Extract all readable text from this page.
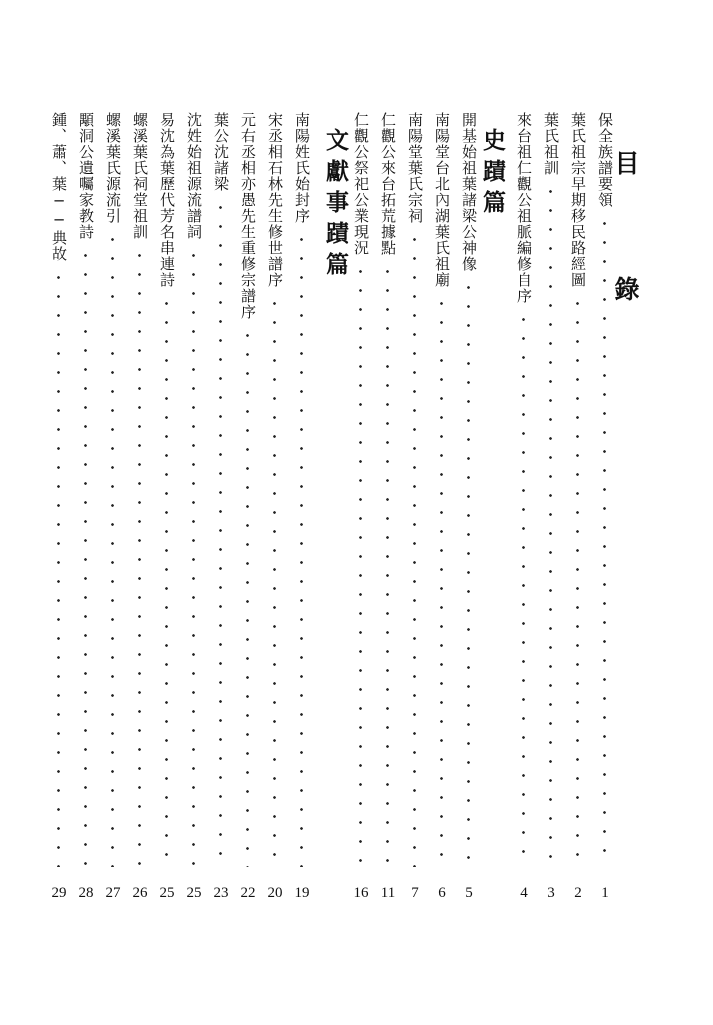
目 錄
保全族譜要領
1
葉氏祖宗早期移民路經圖
2
葉氏祖訓
3
來台祖仁觀公祖脈編修自序
4
史蹟篇
開基始祖葉諸梁公神像
5
南陽堂台北內湖葉氏祖廟
6
南陽堂葉氏宗祠
7
仁觀公來台拓荒據點
11
仁觀公祭祀公業現況
16
文獻事蹟篇
南陽姓氏始封序
19
宋丞相石林先生修世譜序
20
元右丞相亦愚先生重修宗譜序
22
葉公沈諸梁
23
沈姓始祖源流譜詞
25
易沈為葉歷代芳名串連詩
25
螺溪葉氏祠堂祖訓
26
螺溪葉氏源流引
27
顒洞公遺囑家教詩
28
鍾、蕭、葉──典故
29
